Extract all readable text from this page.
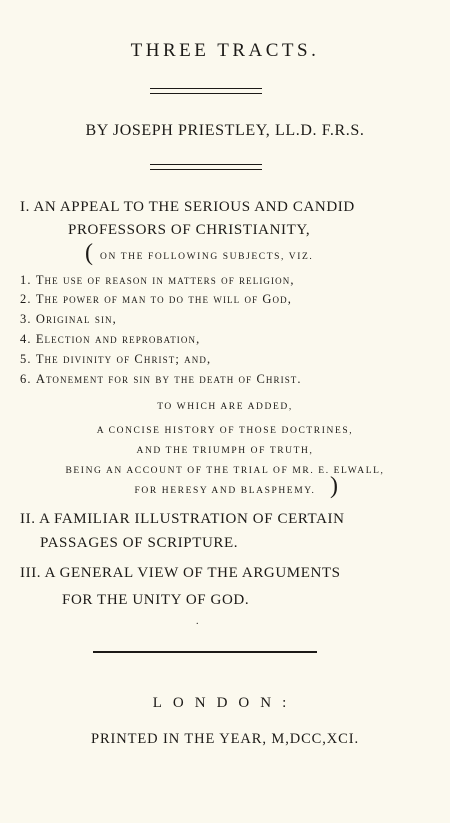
THREE TRACTS.
BY JOSEPH PRIESTLEY, LL.D. F.R.S.
I. AN APPEAL TO THE SERIOUS AND CANDID
PROFESSORS OF CHRISTIANITY,
( ON THE FOLLOWING SUBJECTS, VIZ.
1. The use of reason in matters of religion,
2. The power of man to do the will of God,
3. Original sin,
4. Election and reprobation,
5. The divinity of Christ; and,
6. Atonement for sin by the death of Christ.
TO WHICH ARE ADDED,
A CONCISE HISTORY OF THOSE DOCTRINES,
AND THE TRIUMPH OF TRUTH,
BEING AN ACCOUNT OF THE TRIAL OF MR. E. ELWALL,
FOR HERESY AND BLASPHEMY. )
II. A FAMILIAR ILLUSTRATION OF CERTAIN
PASSAGES OF SCRIPTURE.
III. A GENERAL VIEW OF THE ARGUMENTS
FOR THE UNITY OF GOD.
.
LONDON:
PRINTED IN THE YEAR, M,DCC,XCI.
